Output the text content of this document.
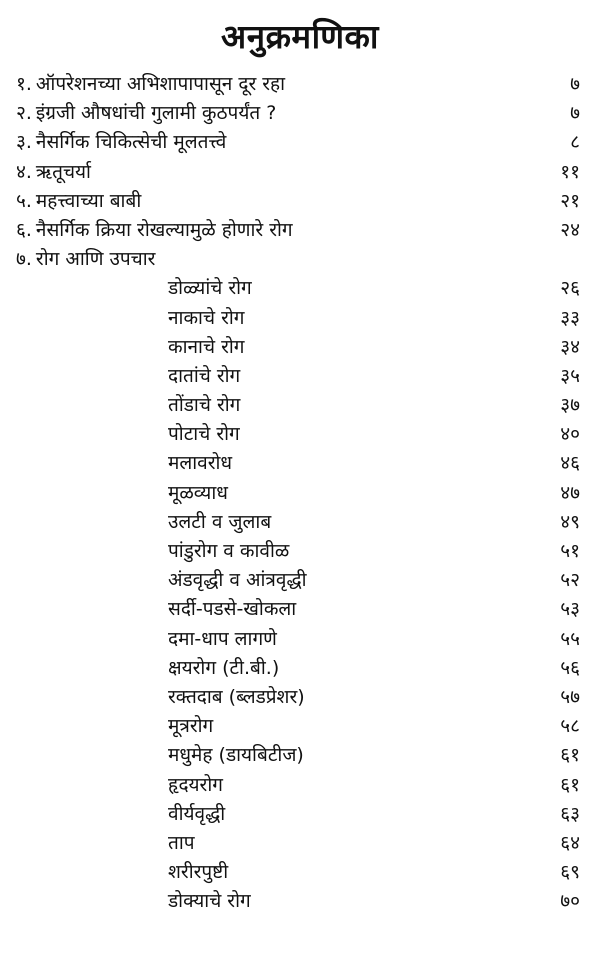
अनुक्रमणिका
१. ऑपरेशनच्या अभिशापापासून दूर रहा	७
२. इंग्रजी औषधांची गुलामी कुठपर्यंत ?	७
३. नैसर्गिक चिकित्सेची मूलतत्त्वे	८
४. ऋतूचर्या	११
५. महत्त्वाच्या बाबी	२१
६. नैसर्गिक क्रिया रोखल्यामुळे होणारे रोग	२४
७. रोग आणि उपचार
डोळ्यांचे रोग	२६
नाकाचे रोग	३३
कानाचे रोग	३४
दातांचे रोग	३५
तोंडाचे रोग	३७
पोटाचे रोग	४०
मलावरोध	४६
मूळव्याध	४७
उलटी व जुलाब	४९
पांडुरोग व कावीळ	५१
अंडवृद्धी व आंत्रवृद्धी	५२
सर्दी-पडसे-खोकला	५३
दमा-धाप लागणे	५५
क्षयरोग (टी.बी.)	५६
रक्तदाब (ब्लडप्रेशर)	५७
मूत्ररोग	५८
मधुमेह (डायबिटीज)	६१
हृदयरोग	६१
वीर्यवृद्धी	६३
ताप	६४
शरीरपुष्टी	६९
डोक्याचे रोग	७०
